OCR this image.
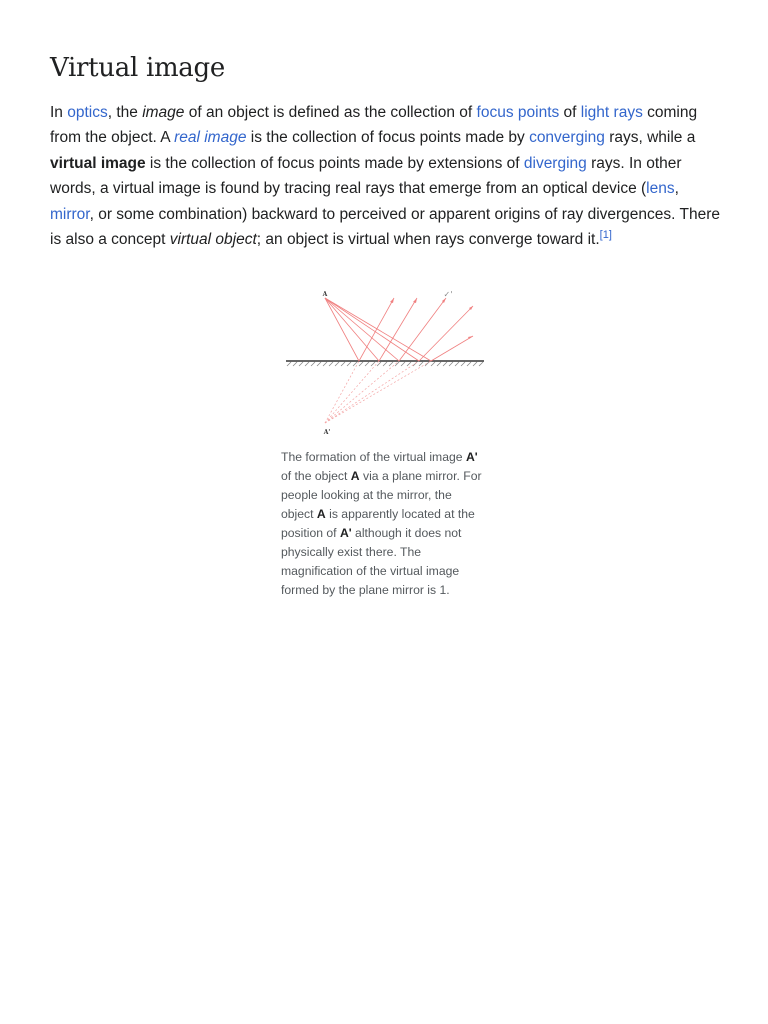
Virtual image

In optics, the image of an object is defined as the collection of focus points of light rays coming from the object. A real image is the collection of focus points made by converging rays, while a virtual image is the collection of focus points made by extensions of diverging rays. In other words, a virtual image is found by tracing real rays that emerge from an optical device (lens, mirror, or some combination) backward to perceived or apparent origins of ray divergences. There is also a concept virtual object; an object is virtual when rays converge toward it.[1]

A
A'
✓'
The formation of the virtual image A' of the object A via a plane mirror. For people looking at the mirror, the object A is apparently located at the position of A' although it does not physically exist there. The magnification of the virtual image formed by the plane mirror is 1.
